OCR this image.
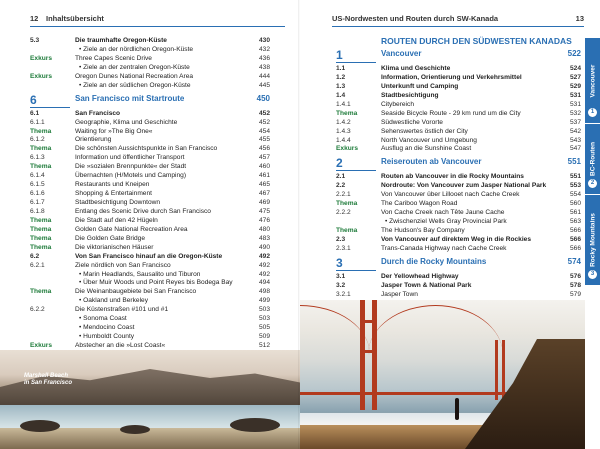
12 Inhaltsübersicht
5.3	Die traumhafte Oregon-Küste	430
• Ziele an der nördlichen Oregon-Küste	432
Exkurs	Three Capes Scenic Drive	436
• Ziele an der zentralen Oregon-Küste	438
Exkurs	Oregon Dunes National Recreation Area	444
• Ziele an der südlichen Oregon-Küste	445
6	San Francisco mit Startroute	450
6.1	San Francisco	452
6.1.1	Geographie, Klima und Geschichte	452
Thema	Waiting for »The Big One«	454
6.1.2	Orientierung	455
Thema	Die schönsten Aussichtspunkte in San Francisco	456
6.1.3	Information und öffentlicher Transport	457
Thema	Die »sozialen Brennpunkte« der Stadt	460
6.1.4	Übernachten (H/Motels und Camping)	461
6.1.5	Restaurants und Kneipen	465
6.1.6	Shopping & Entertainment	467
6.1.7	Stadtbesichtigung Downtown	469
6.1.8	Entlang des Scenic Drive durch San Francisco	475
Thema	Die Stadt auf den 42 Hügeln	476
Thema	Golden Gate National Recreation Area	480
Thema	Die Golden Gate Bridge	483
Thema	Die viktorianischen Häuser	490
6.2	Von San Francisco hinauf an die Oregon-Küste	492
6.2.1	Ziele nördlich von San Francisco	492
• Marin Headlands, Sausalito und Tiburon	492
• Über Muir Woods und Point Reyes bis Bodega Bay	494
Thema	Die Weinanbaugebiete bei San Francisco	498
• Oakland und Berkeley	499
6.2.2	Die Küstenstraßen #101 und #1	503
• Sonoma Coast	503
• Mendocino Coast	505
• Humboldt County	509
Exkurs	Abstecher an die »Lost Coast«	512
Marshall Beach
in San Francisco
US-Nordwesten und Routen durch SW-Kanada	13
ROUTEN DURCH DEN SÜDWESTEN KANADAS
1	Vancouver	522
1.1	Klima und Geschichte	524
1.2	Information, Orientierung und Verkehrsmittel	527
1.3	Unterkunft und Camping	529
1.4	Stadtbesichtigung	531
1.4.1	Citybereich	531
Thema	Seaside Bicycle Route - 29 km rund um die City	532
1.4.2	Südwestliche Vororte	537
1.4.3	Sehenswertes östlich der City	542
1.4.4	North Vancouver und Umgebung	543
Exkurs	Ausflug an die Sunshine Coast	547
2	Reiserouten ab Vancouver	551
2.1	Routen ab Vancouver in die Rocky Mountains	551
2.2	Nordroute: Von Vancouver zum Jasper National Park	553
2.2.1	Von Vancouver über Lillooet nach Cache Creek	554
Thema	The Cariboo Wagon Road	560
2.2.2	Von Cache Creek nach Tête Jaune Cache	561
• Zwischenziel Wells Gray Provincial Park	563
Thema	The Hudson's Bay Company	566
2.3	Von Vancouver auf direktem Weg in die Rockies	566
2.3.1	Trans-Canada Highway nach Cache Creek	566
3	Durch die Rocky Mountains	574
3.1	Der Yellowhead Highway	576
3.2	Jasper Town & National Park	578
3.2.1	Jasper Town	579
Vancouver
1
BC-Routen
2
Rocky Mountains
3
